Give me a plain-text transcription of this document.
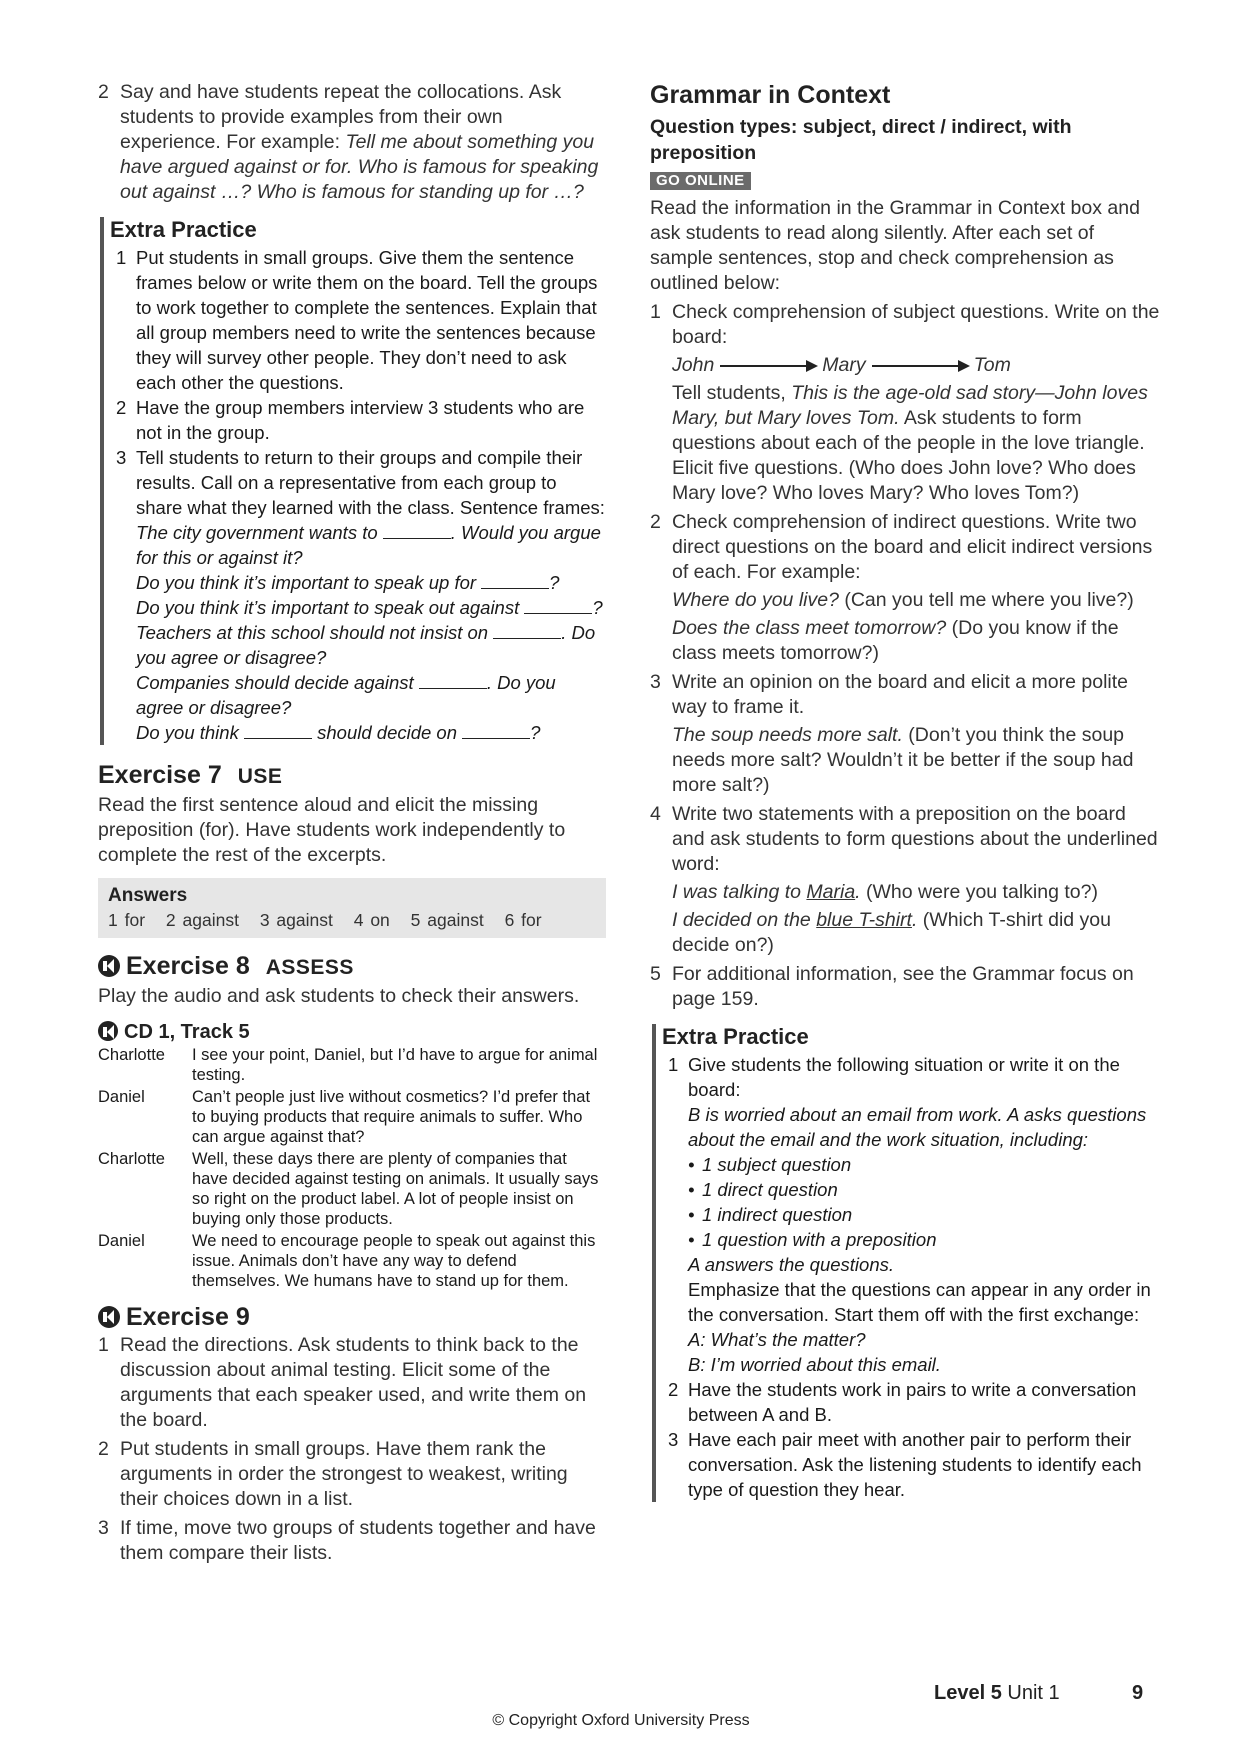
2 Say and have students repeat the collocations. Ask students to provide examples from their own experience. For example: Tell me about something you have argued against or for. Who is famous for speaking out against …? Who is famous for standing up for …?
Extra Practice
1 Put students in small groups. Give them the sentence frames below or write them on the board. Tell the groups to work together to complete the sentences. Explain that all group members need to write the sentences because they will survey other people. They don’t need to ask each other the questions.
2 Have the group members interview 3 students who are not in the group.
3 Tell students to return to their groups and compile their results. Call on a representative from each group to share what they learned with the class. Sentence frames:
The city government wants to	. Would you argue for this or against it?
Do you think it’s important to speak up for	?
Do you think it’s important to speak out against	?
Teachers at this school should not insist on	. Do you agree or disagree?
Companies should decide against	. Do you agree or disagree?
Do you think	should decide on	?
Exercise 7 USE

Read the first sentence aloud and elicit the missing preposition (for). Have students work independently to complete the rest of the excerpts.

Answers
1 for 2 against 3 against 4 on 5 against 6 for
Exercise 8 ASSESS

Play the audio and ask students to check their answers.

CD 1, Track 5
Charlotte	I see your point, Daniel, but I’d have to argue for animal testing.
Daniel	Can’t people just live without cosmetics? I’d prefer that to buying products that require animals to suffer. Who can argue against that?
Charlotte	Well, these days there are plenty of companies that have decided against testing on animals. It usually says so right on the product label. A lot of people insist on buying only those products.
Daniel	We need to encourage people to speak out against this issue. Animals don’t have any way to defend themselves. We humans have to stand up for them.
Exercise 9
1 Read the directions. Ask students to think back to the discussion about animal testing. Elicit some of the arguments that each speaker used, and write them on the board.
2 Put students in small groups. Have them rank the arguments in order the strongest to weakest, writing their choices down in a list.
3 If time, move two groups of students together and have them compare their lists.
Grammar in Context
Question types: subject, direct / indirect, with preposition
GO ONLINE

Read the information in the Grammar in Context box and ask students to read along silently. After each set of sample sentences, stop and check comprehension as outlined below:

1 Check comprehension of subject questions. Write on the board:
John	Mary	Tom
Tell students, This is the age-old sad story—John loves Mary, but Mary loves Tom. Ask students to form questions about each of the people in the love triangle. Elicit five questions. (Who does John love? Who does Mary love? Who loves Mary? Who loves Tom?)
2 Check comprehension of indirect questions. Write two direct questions on the board and elicit indirect versions of each. For example:
Where do you live? (Can you tell me where you live?)
Does the class meet tomorrow? (Do you know if the class meets tomorrow?)
3 Write an opinion on the board and elicit a more polite way to frame it.
The soup needs more salt. (Don’t you think the soup needs more salt? Wouldn’t it be better if the soup had more salt?)
4 Write two statements with a preposition on the board and ask students to form questions about the underlined word:
I was talking to Maria. (Who were you talking to?)
I decided on the blue T-shirt. (Which T-shirt did you decide on?)
5 For additional information, see the Grammar focus on page 159.
Extra Practice
1 Give students the following situation or write it on the board:
B is worried about an email from work. A asks questions about the email and the work situation, including:
• 1 subject question
• 1 direct question
• 1 indirect question
• 1 question with a preposition
A answers the questions.
Emphasize that the questions can appear in any order in the conversation. Start them off with the first exchange:
A: What’s the matter?
B: I’m worried about this email.
2 Have the students work in pairs to write a conversation between A and B.
3 Have each pair meet with another pair to perform their conversation. Ask the listening students to identify each type of question they hear.
Level 5 Unit 1	9
© Copyright Oxford University Press
